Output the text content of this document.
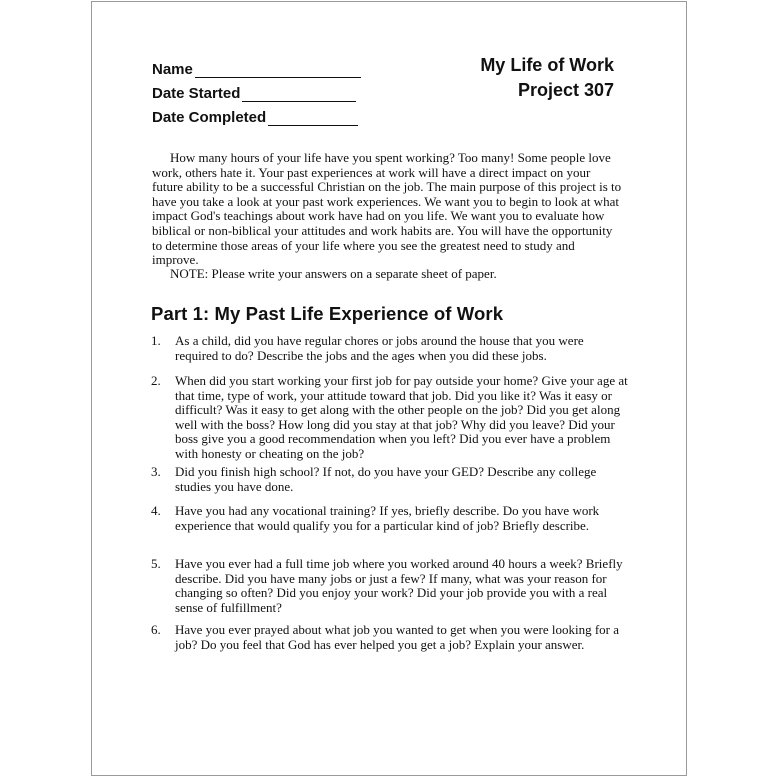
Name
Date Started
Date Completed
My Life of Work
Project 307

How many hours of your life have you spent working? Too many! Some people love work, others hate it. Your past experiences at work will have a direct impact on your future ability to be a successful Christian on the job. The main purpose of this project is to have you take a look at your past work experiences. We want you to begin to look at what impact God's teachings about work have had on you life. We want you to evaluate how biblical or non-biblical your attitudes and work habits are. You will have the opportunity to determine those areas of your life where you see the greatest need to study and improve.

NOTE: Please write your answers on a separate sheet of paper.

Part 1: My Past Life Experience of Work
1.	As a child, did you have regular chores or jobs around the house that you were required to do? Describe the jobs and the ages when you did these jobs.
2.	When did you start working your first job for pay outside your home? Give your age at that time, type of work, your attitude toward that job. Did you like it? Was it easy or difficult? Was it easy to get along with the other people on the job? Did you get along well with the boss? How long did you stay at that job? Why did you leave? Did your boss give you a good recommendation when you left? Did you ever have a problem with honesty or cheating on the job?
3.	Did you finish high school? If not, do you have your GED? Describe any college studies you have done.
4.	Have you had any vocational training? If yes, briefly describe. Do you have work experience that would qualify you for a particular kind of job? Briefly describe.
5.	Have you ever had a full time job where you worked around 40 hours a week? Briefly describe. Did you have many jobs or just a few? If many, what was your reason for changing so often? Did you enjoy your work? Did your job provide you with a real sense of fulfillment?
6.	Have you ever prayed about what job you wanted to get when you were looking for a job? Do you feel that God has ever helped you get a job? Explain your answer.
